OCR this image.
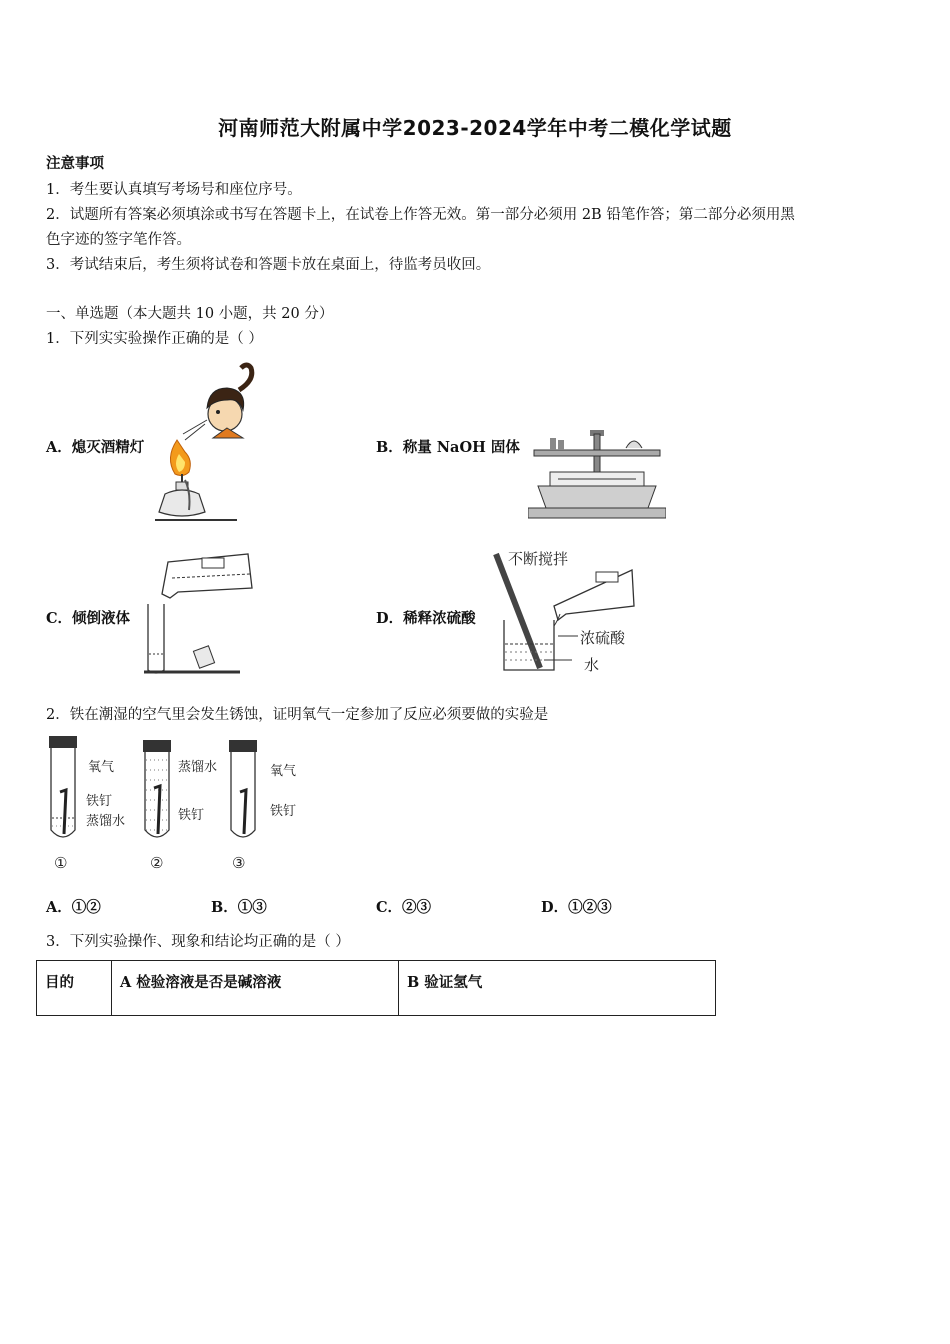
河南师范大附属中学2023-2024学年中考二模化学试题
注意事项
1．考生要认真填写考场号和座位序号。
2．试题所有答案必须填涂或书写在答题卡上，在试卷上作答无效。第一部分必须用 2B 铅笔作答；第二部分必须用黑
色字迹的签字笔作答。
3．考试结束后，考生须将试卷和答题卡放在桌面上，待监考员收回。
一、单选题（本大题共 10 小题，共 20 分）
1．下列实实验操作正确的是（ ）
A．熄灭酒精灯	B．称量 NaOH 固体
C．倾倒液体	D．稀释浓硫酸
不断搅拌
浓硫酸
水
2．铁在潮湿的空气里会发生锈蚀，证明氧气一定参加了反应必须要做的实验是
氧气
铁钉
蒸馏水
①
蒸馏水
铁钉
②
氧气
铁钉
③
A．①②	B．①③	C．②③	D．①②③
3．下列实验操作、现象和结论均正确的是（ ）
目的	A 检验溶液是否是碱溶液	B 验证氢气
